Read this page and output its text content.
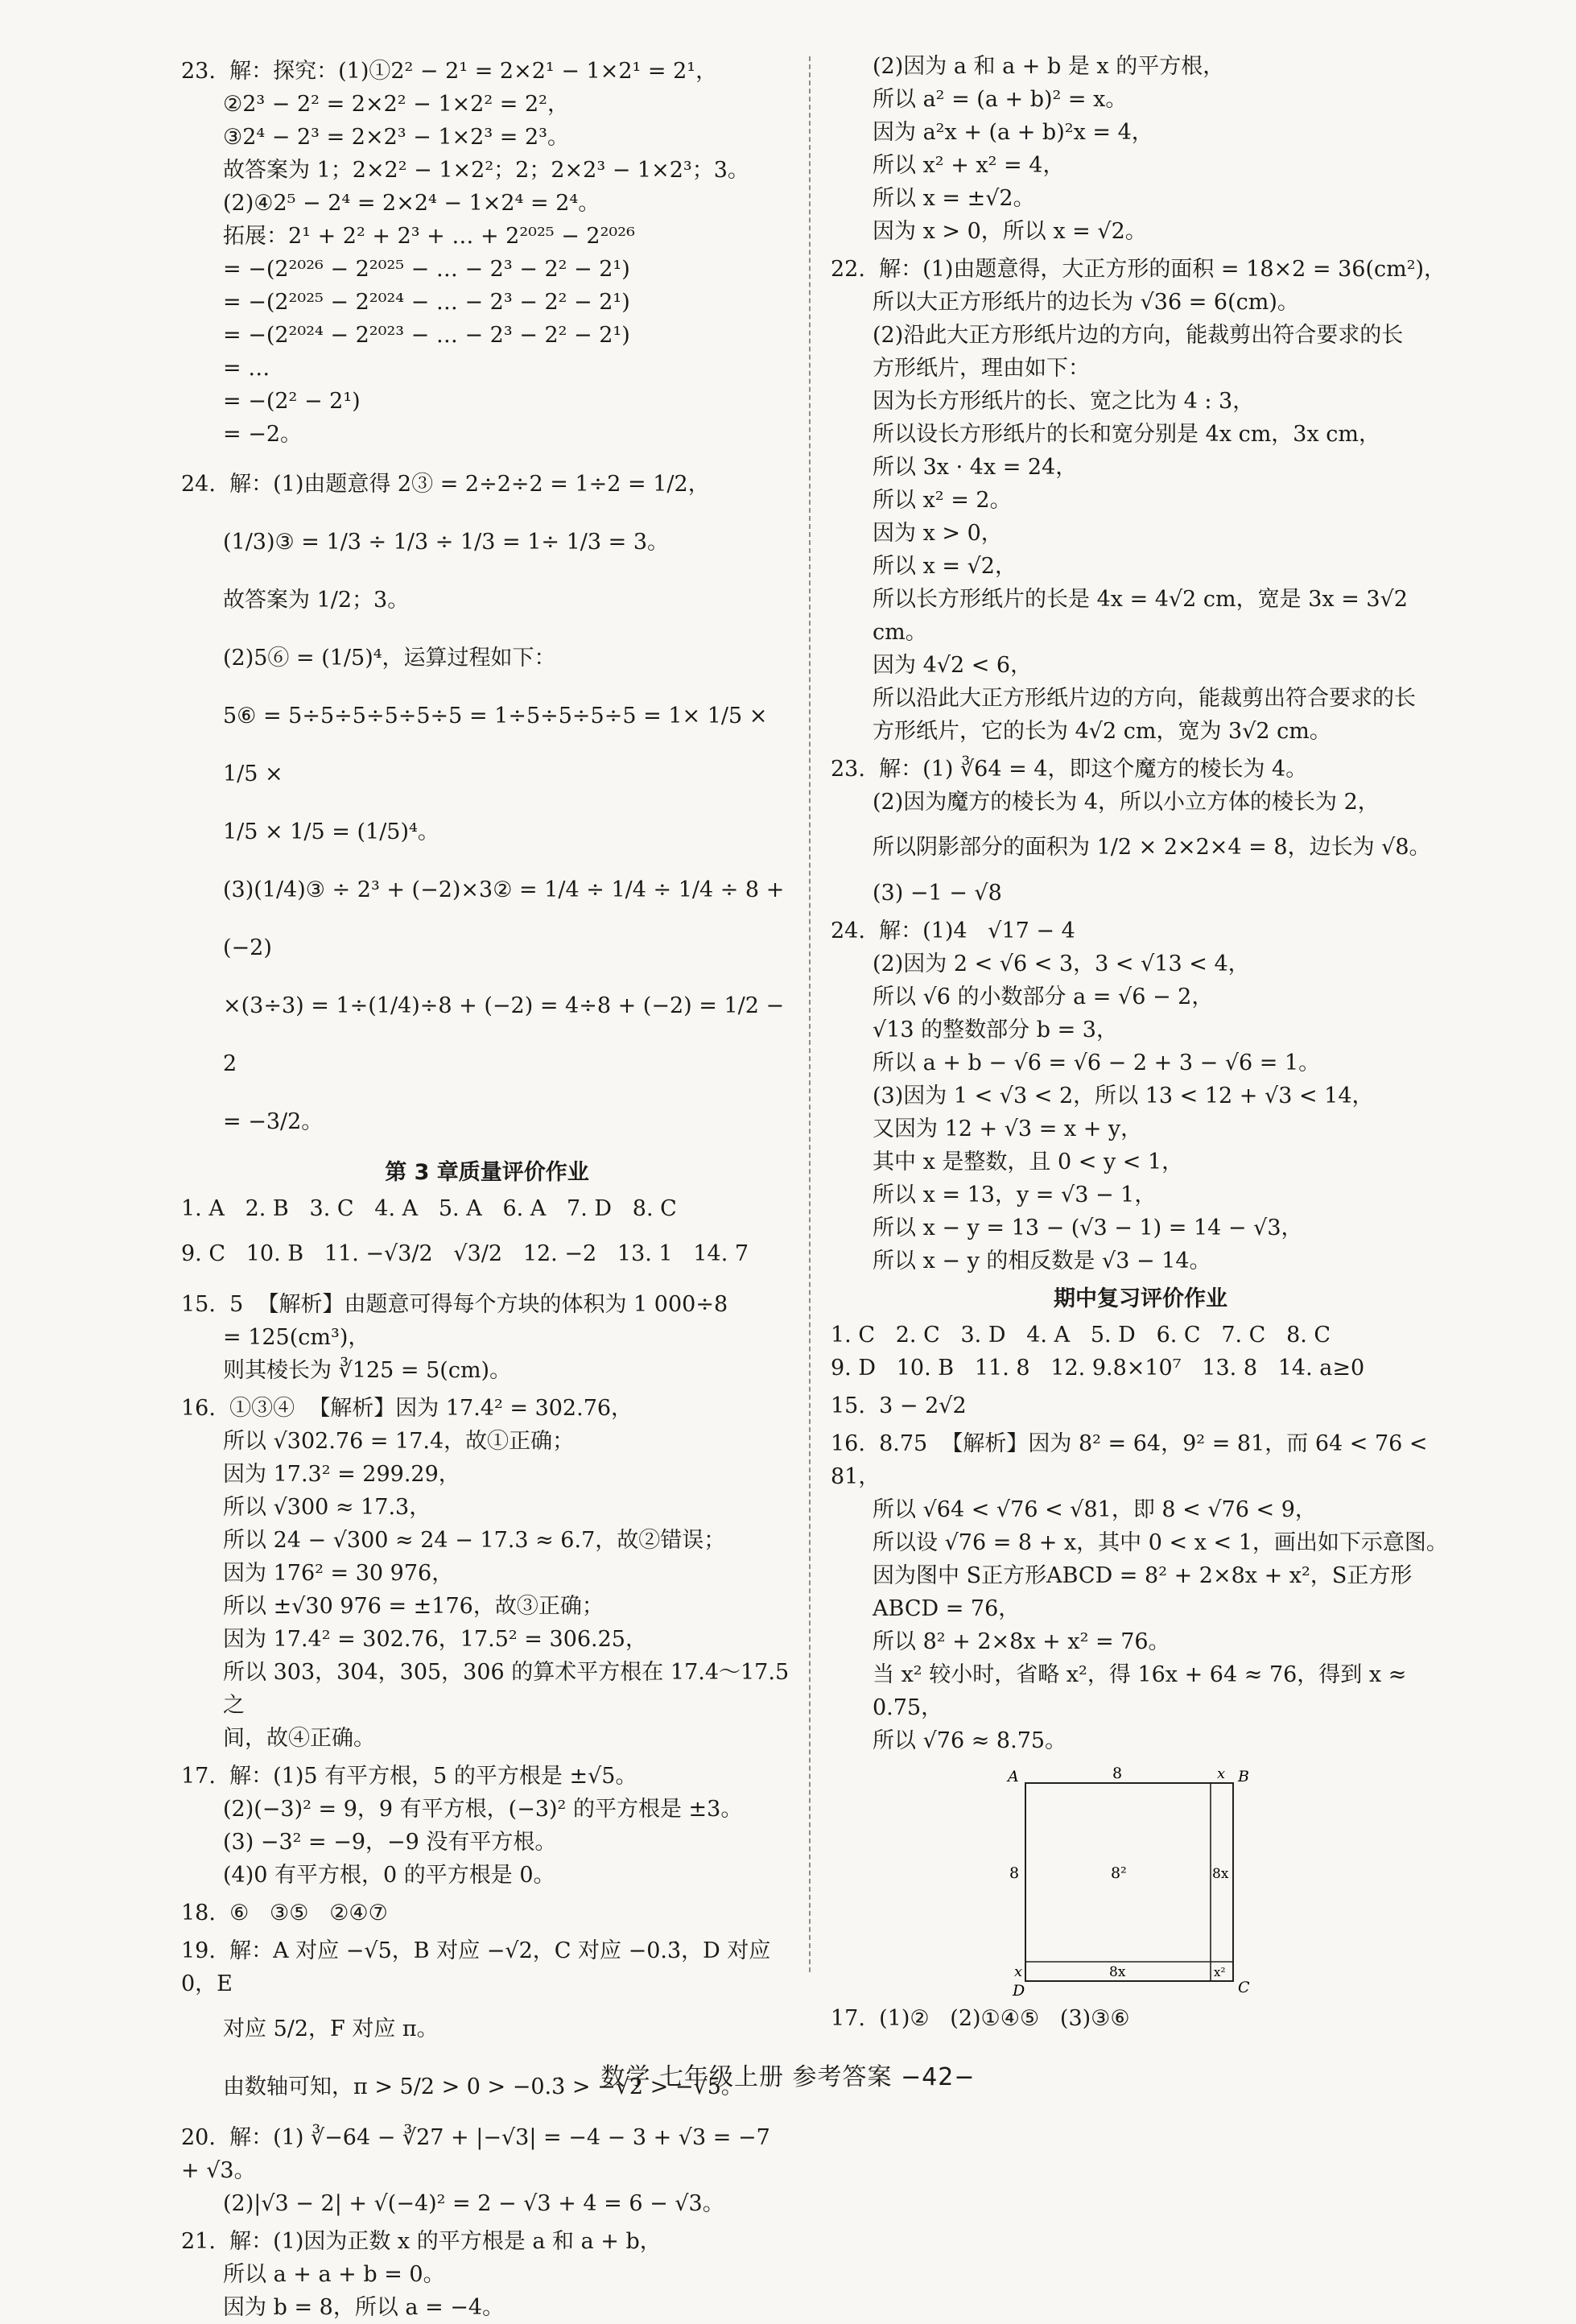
23.  解：探究：(1)①2² − 2¹ = 2×2¹ − 1×2¹ = 2¹，
②2³ − 2² = 2×2² − 1×2² = 2²，
③2⁴ − 2³ = 2×2³ − 1×2³ = 2³。
故答案为 1；2×2² − 1×2²；2；2×2³ − 1×2³；3。
(2)④2⁵ − 2⁴ = 2×2⁴ − 1×2⁴ = 2⁴。
拓展：2¹ + 2² + 2³ + … + 2²⁰²⁵ − 2²⁰²⁶
= −(2²⁰²⁶ − 2²⁰²⁵ − … − 2³ − 2² − 2¹)
= −(2²⁰²⁵ − 2²⁰²⁴ − … − 2³ − 2² − 2¹)
= −(2²⁰²⁴ − 2²⁰²³ − … − 2³ − 2² − 2¹)
= …
= −(2² − 2¹)
= −2。
24.  解：(1)由题意得 2③ = 2÷2÷2 = 1÷2 = 1/2，
(1/3)③ = 1/3 ÷ 1/3 ÷ 1/3 = 1÷ 1/3 = 3。
故答案为 1/2；3。
(2)5⑥ = (1/5)⁴，运算过程如下：
5⑥ = 5÷5÷5÷5÷5÷5 = 1÷5÷5÷5÷5 = 1× 1/5 × 1/5 ×
1/5 × 1/5 = (1/5)⁴。
(3)(1/4)③ ÷ 2³ + (−2)×3② = 1/4 ÷ 1/4 ÷ 1/4 ÷ 8 + (−2)
×(3÷3) = 1÷(1/4)÷8 + (−2) = 4÷8 + (−2) = 1/2 − 2
= −3/2。
第 3 章质量评价作业
1. A   2. B   3. C   4. A   5. A   6. A   7. D   8. C
9. C   10. B   11. −√3/2   √3/2   12. −2   13. 1   14. 7
15.  5  【解析】由题意可得每个方块的体积为 1 000÷8
= 125(cm³)，
则其棱长为 ∛125 = 5(cm)。
16.  ①③④  【解析】因为 17.4² = 302.76，
所以 √302.76 = 17.4，故①正确；
因为 17.3² = 299.29，
所以 √300 ≈ 17.3，
所以 24 − √300 ≈ 24 − 17.3 ≈ 6.7，故②错误；
因为 176² = 30 976，
所以 ±√30 976 = ±176，故③正确；
因为 17.4² = 302.76，17.5² = 306.25，
所以 303，304，305，306 的算术平方根在 17.4～17.5 之
间，故④正确。
17.  解：(1)5 有平方根，5 的平方根是 ±√5。
(2)(−3)² = 9，9 有平方根，(−3)² 的平方根是 ±3。
(3) −3² = −9，−9 没有平方根。
(4)0 有平方根，0 的平方根是 0。
18.  ⑥   ③⑤   ②④⑦
19.  解：A 对应 −√5，B 对应 −√2，C 对应 −0.3̇，D 对应 0，E
对应 5/2，F 对应 π。
由数轴可知，π > 5/2 > 0 > −0.3̇ > −√2 > −√5。
20.  解：(1) ∛−64 − ∛27 + |−√3| = −4 − 3 + √3 = −7 + √3。
(2)|√3 − 2| + √(−4)² = 2 − √3 + 4 = 6 − √3。
21.  解：(1)因为正数 x 的平方根是 a 和 a + b，
所以 a + a + b = 0。
因为 b = 8，所以 a = −4。
(2)因为 a 和 a + b 是 x 的平方根，
所以 a² = (a + b)² = x。
因为 a²x + (a + b)²x = 4，
所以 x² + x² = 4，
所以 x = ±√2。
因为 x > 0，所以 x = √2。
22.  解：(1)由题意得，大正方形的面积 = 18×2 = 36(cm²)，
所以大正方形纸片的边长为 √36 = 6(cm)。
(2)沿此大正方形纸片边的方向，能裁剪出符合要求的长
方形纸片，理由如下：
因为长方形纸片的长、宽之比为 4 : 3，
所以设长方形纸片的长和宽分别是 4x cm，3x cm，
所以 3x · 4x = 24，
所以 x² = 2。
因为 x > 0，
所以 x = √2，
所以长方形纸片的长是 4x = 4√2 cm，宽是 3x = 3√2 cm。
因为 4√2 < 6，
所以沿此大正方形纸片边的方向，能裁剪出符合要求的长
方形纸片，它的长为 4√2 cm，宽为 3√2 cm。
23.  解：(1) ∛64 = 4，即这个魔方的棱长为 4。
(2)因为魔方的棱长为 4，所以小立方体的棱长为 2，
所以阴影部分的面积为 1/2 × 2×2×4 = 8，边长为 √8。
(3) −1 − √8
24.  解：(1)4   √17 − 4
(2)因为 2 < √6 < 3，3 < √13 < 4，
所以 √6 的小数部分 a = √6 − 2，
√13 的整数部分 b = 3，
所以 a + b − √6 = √6 − 2 + 3 − √6 = 1。
(3)因为 1 < √3 < 2，所以 13 < 12 + √3 < 14，
又因为 12 + √3 = x + y，
其中 x 是整数，且 0 < y < 1，
所以 x = 13，y = √3 − 1，
所以 x − y = 13 − (√3 − 1) = 14 − √3，
所以 x − y 的相反数是 √3 − 14。
期中复习评价作业
1. C   2. C   3. D   4. A   5. D   6. C   7. C   8. C
9. D   10. B   11. 8   12. 9.8×10⁷   13. 8   14. a≥0
15.  3 − 2√2
16.  8.75  【解析】因为 8² = 64，9² = 81，而 64 < 76 < 81，
所以 √64 < √76 < √81，即 8 < √76 < 9，
所以设 √76 = 8 + x，其中 0 < x < 1，画出如下示意图。
因为图中 S正方形ABCD = 8² + 2×8x + x²，S正方形ABCD = 76，
所以 8² + 2×8x + x² = 76。
当 x² 较小时，省略 x²，得 16x + 64 ≈ 76，得到 x ≈ 0.75，
所以 √76 ≈ 8.75。
A	B
C
D
8	x
8
x
8²	8x
8x	x²
17.  (1)②   (2)①④⑤   (3)③⑥
数学 七年级上册 参考答案 −42−
